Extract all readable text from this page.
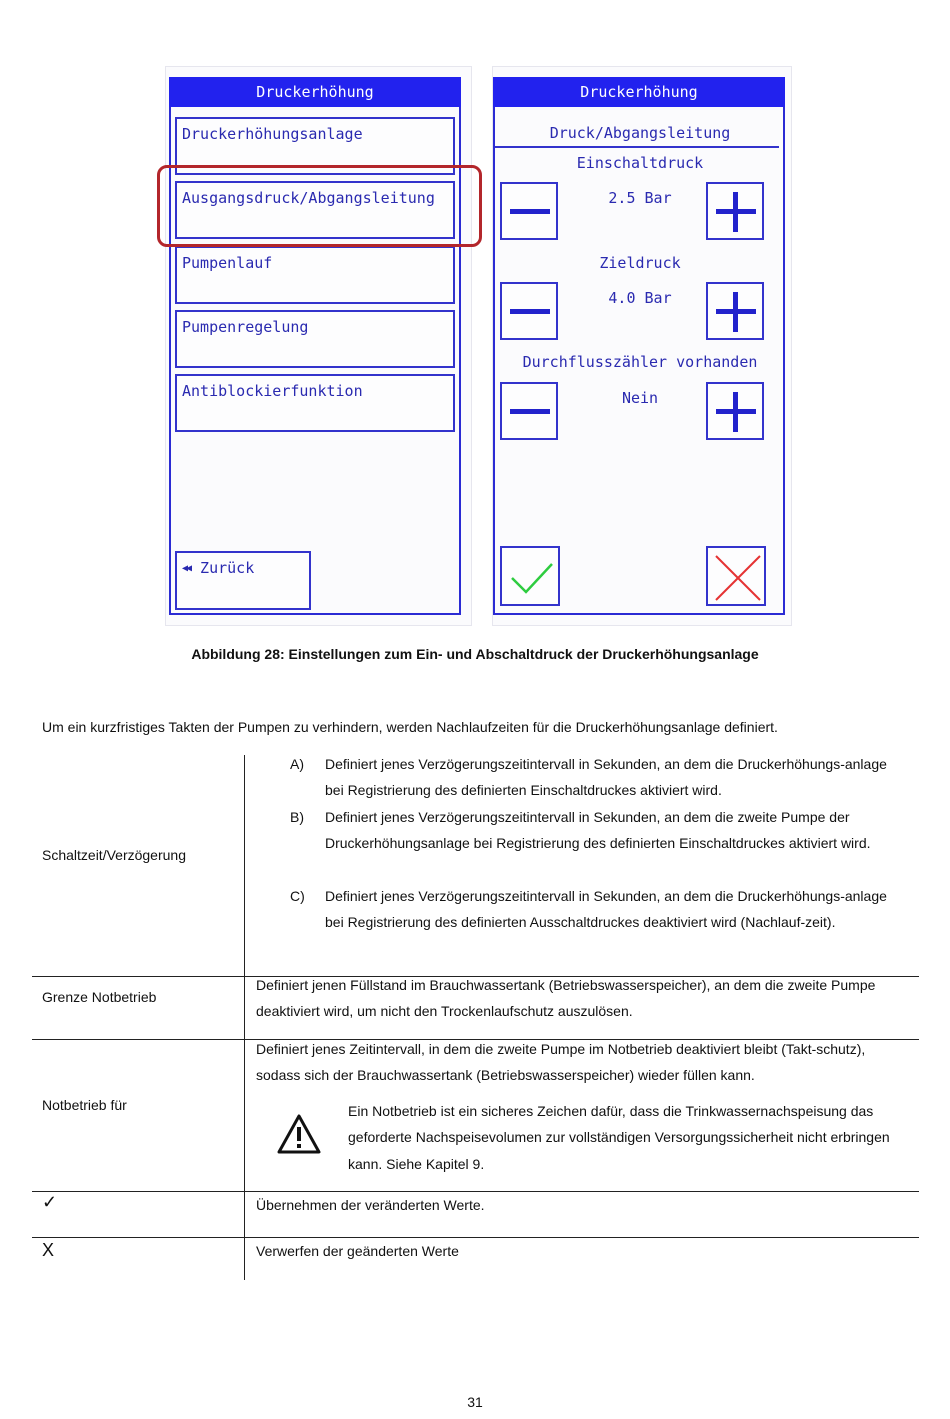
Druckerhöhung
Druckerhöhungsanlage
Ausgangsdruck/Abgangsleitung
Pumpenlauf
Pumpenregelung
Antiblockierfunktion
◀◀ Zurück
Druckerhöhung
Druck/Abgangsleitung
Einschaltdruck
2.5 Bar
Zieldruck
4.0 Bar
Durchflusszähler vorhanden
Nein
Abbildung 28: Einstellungen zum Ein- und Abschaltdruck der Druckerhöhungsanlage
Um ein kurzfristiges Takten der Pumpen zu verhindern, werden Nachlaufzeiten für die Druckerhöhungsanlage definiert.
Schaltzeit/Verzögerung
A) Definiert jenes Verzögerungszeitintervall in Sekunden, an dem die Druckerhöhungs-anlage bei Registrierung des definierten Einschaltdruckes aktiviert wird.
B) Definiert jenes Verzögerungszeitintervall in Sekunden, an dem die zweite Pumpe der Druckerhöhungsanlage bei Registrierung des definierten Einschaltdruckes aktiviert wird.
C) Definiert jenes Verzögerungszeitintervall in Sekunden, an dem die Druckerhöhungs-anlage bei Registrierung des definierten Ausschaltdruckes deaktiviert wird (Nachlauf-zeit).
Grenze Notbetrieb
Definiert jenen Füllstand im Brauchwassertank (Betriebswasserspeicher), an dem die zweite Pumpe deaktiviert wird, um nicht den Trockenlaufschutz auszulösen.
Notbetrieb für
Definiert jenes Zeitintervall, in dem die zweite Pumpe im Notbetrieb deaktiviert bleibt (Takt-schutz), sodass sich der Brauchwassertank (Betriebswasserspeicher) wieder füllen kann.
Ein Notbetrieb ist ein sicheres Zeichen dafür, dass die Trinkwassernachspeisung das geforderte Nachspeisevolumen zur vollständigen Versorgungssicherheit nicht erbringen kann. Siehe Kapitel 9.
✓	Übernehmen der veränderten Werte.
X	Verwerfen der geänderten Werte
31
